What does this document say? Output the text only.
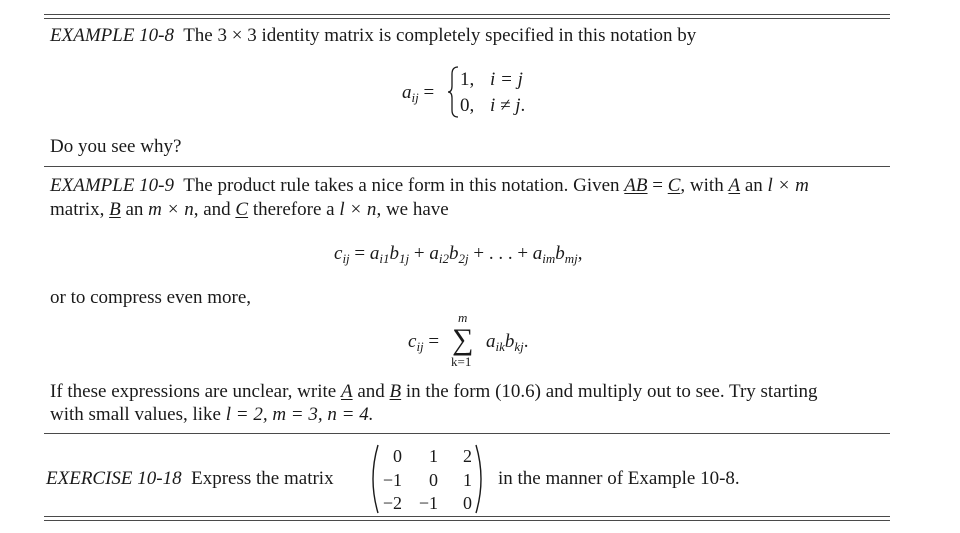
EXAMPLE 10-8 The 3 × 3 identity matrix is completely specified in this notation by
$a_{ij}$ =
1, i = j
0, i ≠ j.
Do you see why?
EXAMPLE 10-9 The product rule takes a nice form in this notation. Given AB = C, with A an l × m
matrix, B an m × n, and C therefore a l × n, we have
$c_{ij} = a_{i1}b_{1j} + a_{i2}b_{2j}$ + . . . + $a_{im}b_{mj}$,
or to compress even more,
$c_{ij}$ =
m
∑
k=1
$a_{ik}b_{kj}$.
If these expressions are unclear, write A and B in the form (10.6) and multiply out to see. Try starting
with small values, like l = 2, m = 3, n = 4.
EXERCISE 10-18 Express the matrix
0	1	2
−1	0	1
−2 −1	0
in the manner of Example 10-8.
